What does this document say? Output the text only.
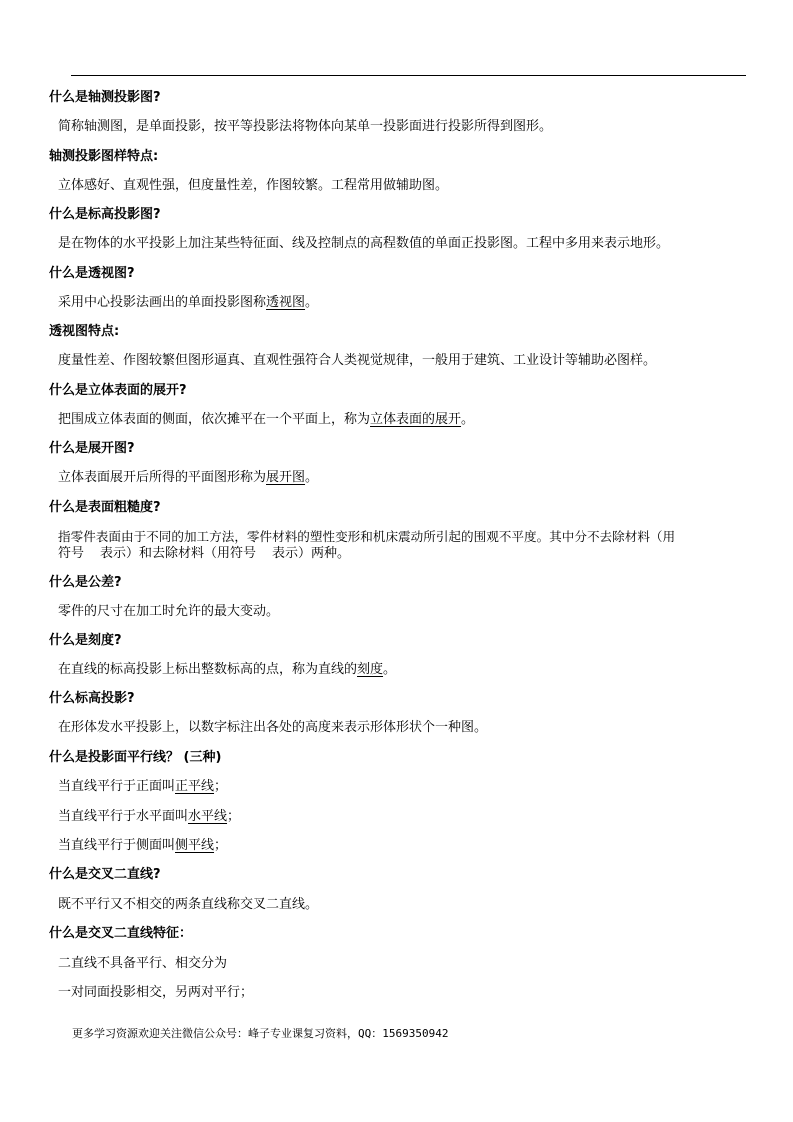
什么是轴测投影图?
简称轴测图，是单面投影，按平等投影法将物体向某单一投影面进行投影所得到图形。
轴测投影图样特点:
立体感好、直观性强，但度量性差，作图较繁。工程常用做辅助图。
什么是标高投影图?
是在物体的水平投影上加注某些特征面、线及控制点的高程数值的单面正投影图。工程中多用来表示地形。
什么是透视图?
采用中心投影法画出的单面投影图称透视图。
透视图特点:
度量性差、作图较繁但图形逼真、直观性强符合人类视觉规律，一般用于建筑、工业设计等辅助必图样。
什么是立体表面的展开?
把围成立体表面的侧面，依次摊平在一个平面上，称为立体表面的展开。
什么是展开图?
立体表面展开后所得的平面图形称为展开图。
什么是表面粗糙度?
指零件表面由于不同的加工方法，零件材料的塑性变形和机床震动所引起的围观不平度。其中分不去除材料（用
符号 表示）和去除材料（用符号 表示）两种。
什么是公差?
零件的尺寸在加工时允许的最大变动。
什么是刻度?
在直线的标高投影上标出整数标高的点，称为直线的刻度。
什么标高投影?
在形体发水平投影上，以数字标注出各处的高度来表示形体形状个一种图。
什么是投影面平行线？ (三种)
当直线平行于正面叫正平线；
当直线平行于水平面叫水平线；
当直线平行于侧面叫侧平线；
什么是交叉二直线?
既不平行又不相交的两条直线称交叉二直线。
什么是交叉二直线特征：
二直线不具备平行、相交分为
一对同面投影相交，另两对平行；
更多学习资源欢迎关注微信公众号：峰子专业课复习资料，QQ：1569350942
